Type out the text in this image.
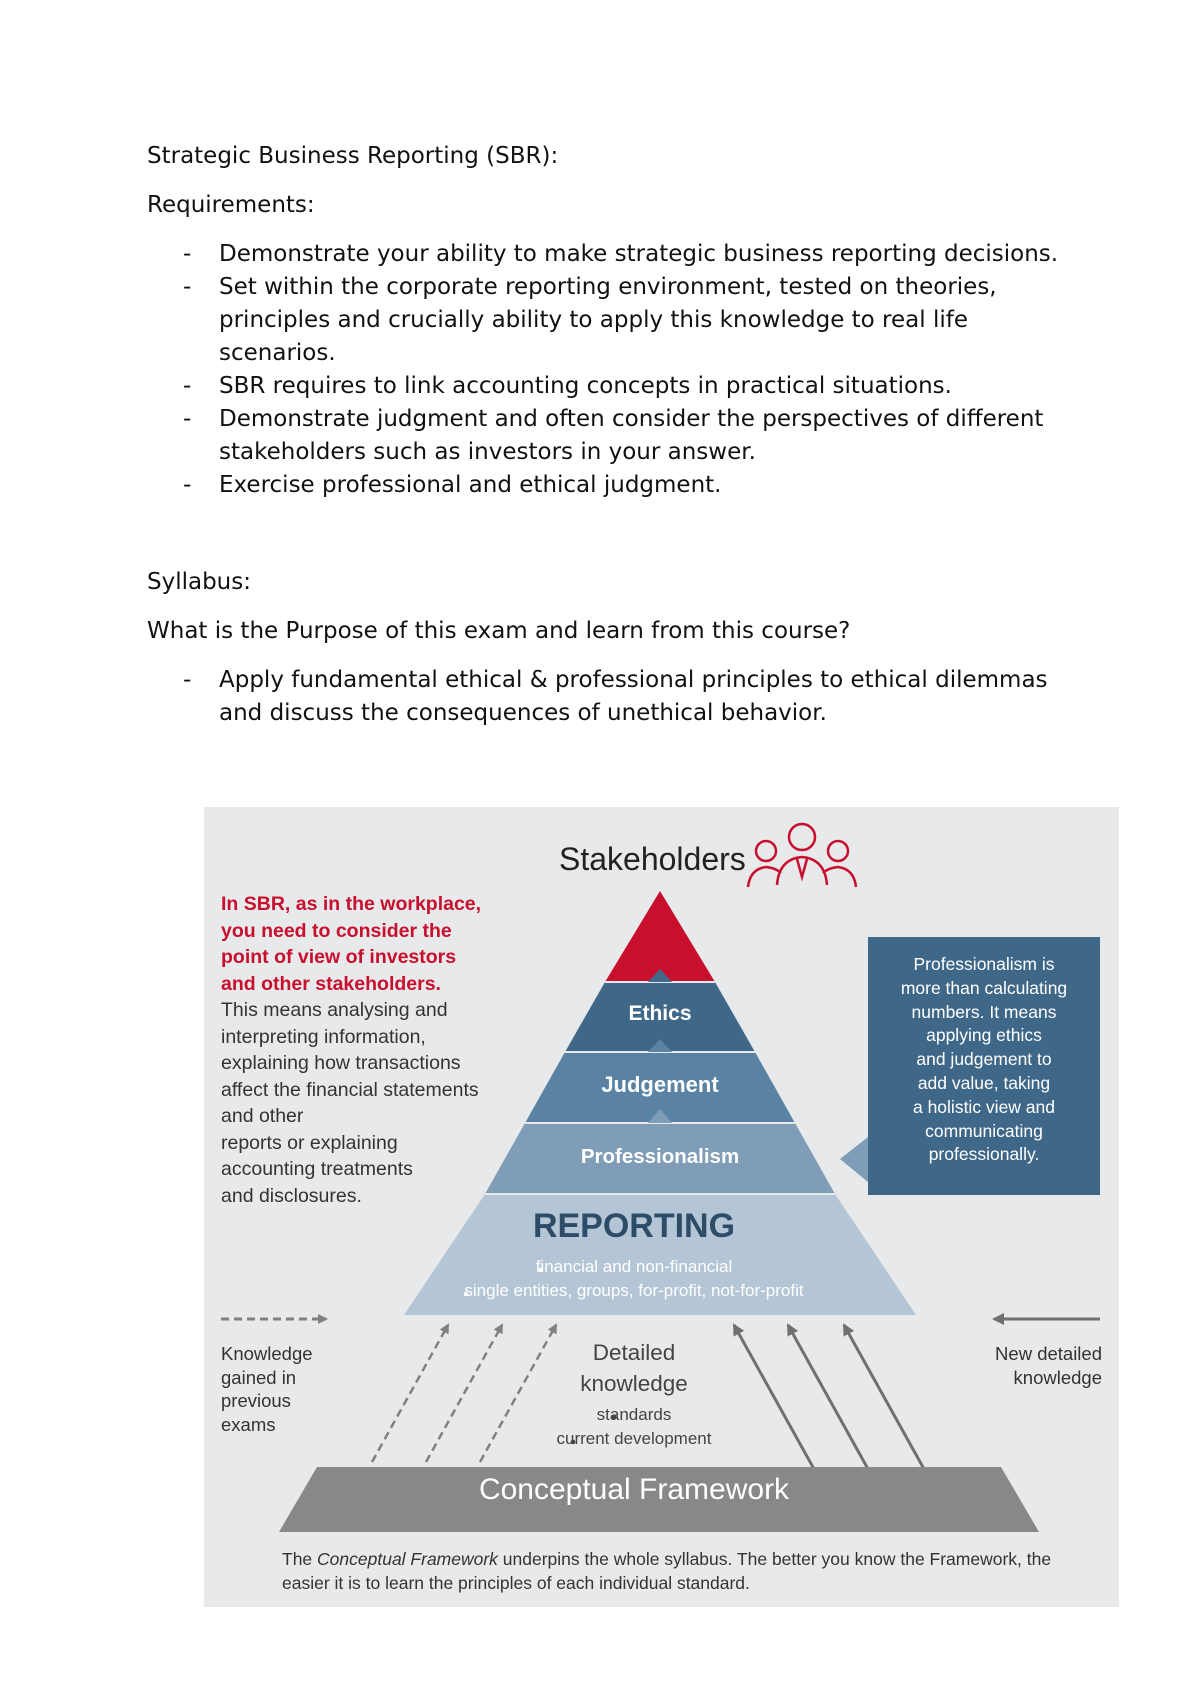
Strategic Business Reporting (SBR):

Requirements:

- Demonstrate your ability to make strategic business reporting decisions.
- Set within the corporate reporting environment, tested on theories, principles and crucially ability to apply this knowledge to real life scenarios.
- SBR requires to link accounting concepts in practical situations.
- Demonstrate judgment and often consider the perspectives of different stakeholders such as investors in your answer.
- Exercise professional and ethical judgment.

Syllabus:

What is the Purpose of this exam and learn from this course?

- Apply fundamental ethical & professional principles to ethical dilemmas and discuss the consequences of unethical behavior.
Stakeholders
In SBR, as in the workplace,
you need to consider the
point of view of investors
and other stakeholders.
This means analysing and
interpreting information,
explaining how transactions
affect the financial statements
and other
reports or explaining
accounting treatments
and disclosures.
Professionalism is
more than calculating
numbers. It means
applying ethics
and judgement to
add value, taking
a holistic view and
communicating
professionally.
Ethics
Judgement
Professionalism
REPORTING
financial and non-financial
single entities, groups, for-profit, not-for-profit
Knowledge
gained in
previous
exams
New detailed
knowledge
Detailed
knowledge
standards
current development
Conceptual Framework
The Conceptual Framework underpins the whole syllabus. The better you know the Framework, the easier it is to learn the principles of each individual standard.
